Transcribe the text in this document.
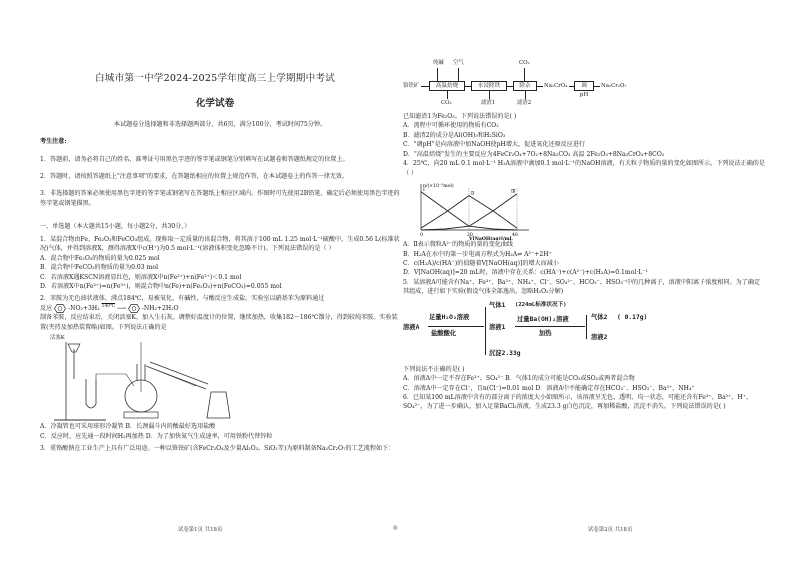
白城市第一中学2024-2025学年度高三上学期期中考试
化学试卷
本试题卷分选择题和非选择题两部分，共6页，满分100分，考试时间75分钟。
考生注意:
1．答题前，请务必将自己的姓名、准考证号用黑色字迹的签字笔或钢笔分别填写在试题卷和答题纸规定的位置上。
2．答题时，请按照答题纸上"注意事项"的要求，在答题纸相应的位置上规范作答，在本试题卷上的作答一律无效。
3．非选择题的答案必须使用黑色字迹的签字笔或钢笔写在答题纸上相应区域内，作图时可先使用2B铅笔，确定后必须使用黑色字迹的签字笔或钢笔描黑。
一、单选题（本大题共15小题，每小题2分，共30分。）
1．某混合物由Fe、Fe₂O₃和FeCO₃组成。现称取一定质量的该混合物，将其溶于100 mL 1.25 mol·L⁻¹硫酸中，生成0.56 L(标准状况)气体，并得到溶液X，测得溶液X中c(H⁺)为0.5 mol·L⁻¹(溶液体积变化忽略不计)。下列说法错误的是（ ）
A．混合物中Fe₂O₃的物质的量为0.025 mol
B．混合物中FeCO₃的物质的量为0.03 mol
C．若溶液X遇KSCN溶液显红色，则溶液X中n(Fe²⁺)+n(Fe³⁺)＜0.1 mol
D．若溶液X中n(Fe²⁺)=n(Fe³⁺)，则混合物中n(Fe)+n(Fe₂O₃)+n(FeCO₃)=0.055 mol
2．苯胺为无色油状液体，沸点184℃，易被氧化，有碱性，与酸反应生成盐。实验室以硝基苯为原料通过
反应	-NO₂+3H₂ $^{140℃}$ ⟶	-NH₂+2H₂O
制备苯胺，反应结束后，关闭活塞K，加入生石灰。调整好温度计的位置，继续加热，收集182～186℃馏分，得到较纯苯胺。实验装置(夹持及加热装置略)如图。下列说法正确的是
活塞K
A．冷凝管也可采用球形冷凝管 B．长颈漏斗内的酸最好选用盐酸
C．反应时，应先通一段时间H₂再加热 D．为了加快氮气生成速率，可用铁粉代替锌粒
3．重铬酸钠在工业生产上具有广泛用途。一种以铬铁矿(含FeCr₂O₄及少量Al₂O₃、SiO₂等)为原料制备Na₂Cr₂O₇的工艺流程如下：
纯碱 空气	CO₂
铬铁矿	高温焙烧	水浸除铁	除杂	Na₂CrO₄	调pH
Na₂Cr₂O₇
CO₂	滤渣1	滤渣2
已知滤渣1为Fe₂O₃。下列说法错误的是( )
A．流程中可循环使用的物质有CO₂
B．滤渣2的成分是Al(OH)₃和H₂SiO₃
C．"调pH"是向溶液中加NaOH使pH增大，促进氧化还原反应进行
D．"高温焙烧"发生的主要反应为4FeCr₂O₄+7O₂+8Na₂CO₃ 高温 2Fe₂O₃+8Na₂CrO₄+8CO₂
4．25℃，向20 mL 0.1 mol·L⁻¹ H₂A溶液中滴加0.1 mol·L⁻¹的NaOH溶液，有关粒子物质的量的变化如图所示。下列说法正确的是（ ）
Ⅰ
Ⅱ	Ⅲ
n/(×10⁻³mol)
0	20	40
V[NaOH(aq)]/mL
A．Ⅱ表示微粒A²⁻的物质的量的变化曲线
B．H₂A在水中的第一步电离方程式为H₂A⇌ A²⁻+2H⁺
C．c(H₂A)/c(HA⁻)的值随着V[NaOH(aq)]的增大而减小
D．V[NaOH(aq)]=20 mL时，溶液中存在关系：c(HA⁻)+c(A²⁻)+c(H₂A)=0.1mol·L⁻¹
5．某溶液A可能含有Na⁺、Fe³⁺、Ba²⁺、NH₄⁺、Cl⁻、SO₄²⁻、HCO₃⁻、HSO₃⁻中的几种离子，溶液中阳离子浓度相同。为了确定其组成，进行如下实验(假设气体全部逸出，忽略H₂O₂分解)
溶液A
足量H₂O₂溶液
盐酸酸化
气体1 (224mL标准状况下)
溶液1
过量Ba(OH)₂溶液
加热
气体2 ( 0.17g)
溶液2
沉淀2.33g
下列说法不正确的是( )
A．溶液A中一定不存在Fe³⁺、SO₄²⁻ B．气体1的成分可能是CO₂或SO₂或两者混合物
C．溶液A中一定存在Cl⁻，且n(Cl⁻)=0.01 mol D．溶液A中不能确定存在HCO₃⁻、HSO₃⁻、Ba²⁺、NH₄⁺
6．已知某100 mL溶液中含有的部分离子的浓度大小如图所示，该溶液呈无色、透明、均一状态，可能还含有Fe³⁺、Ba²⁺、H⁺、SO₄²⁻，为了进一步确认，加入足量BaCl₂溶液，生成23.3 g白色沉淀，再加稀盐酸，沉淀不消失。下列说法错误的是( )
试卷第1页 共18页	◎	试卷第2页 共18页
